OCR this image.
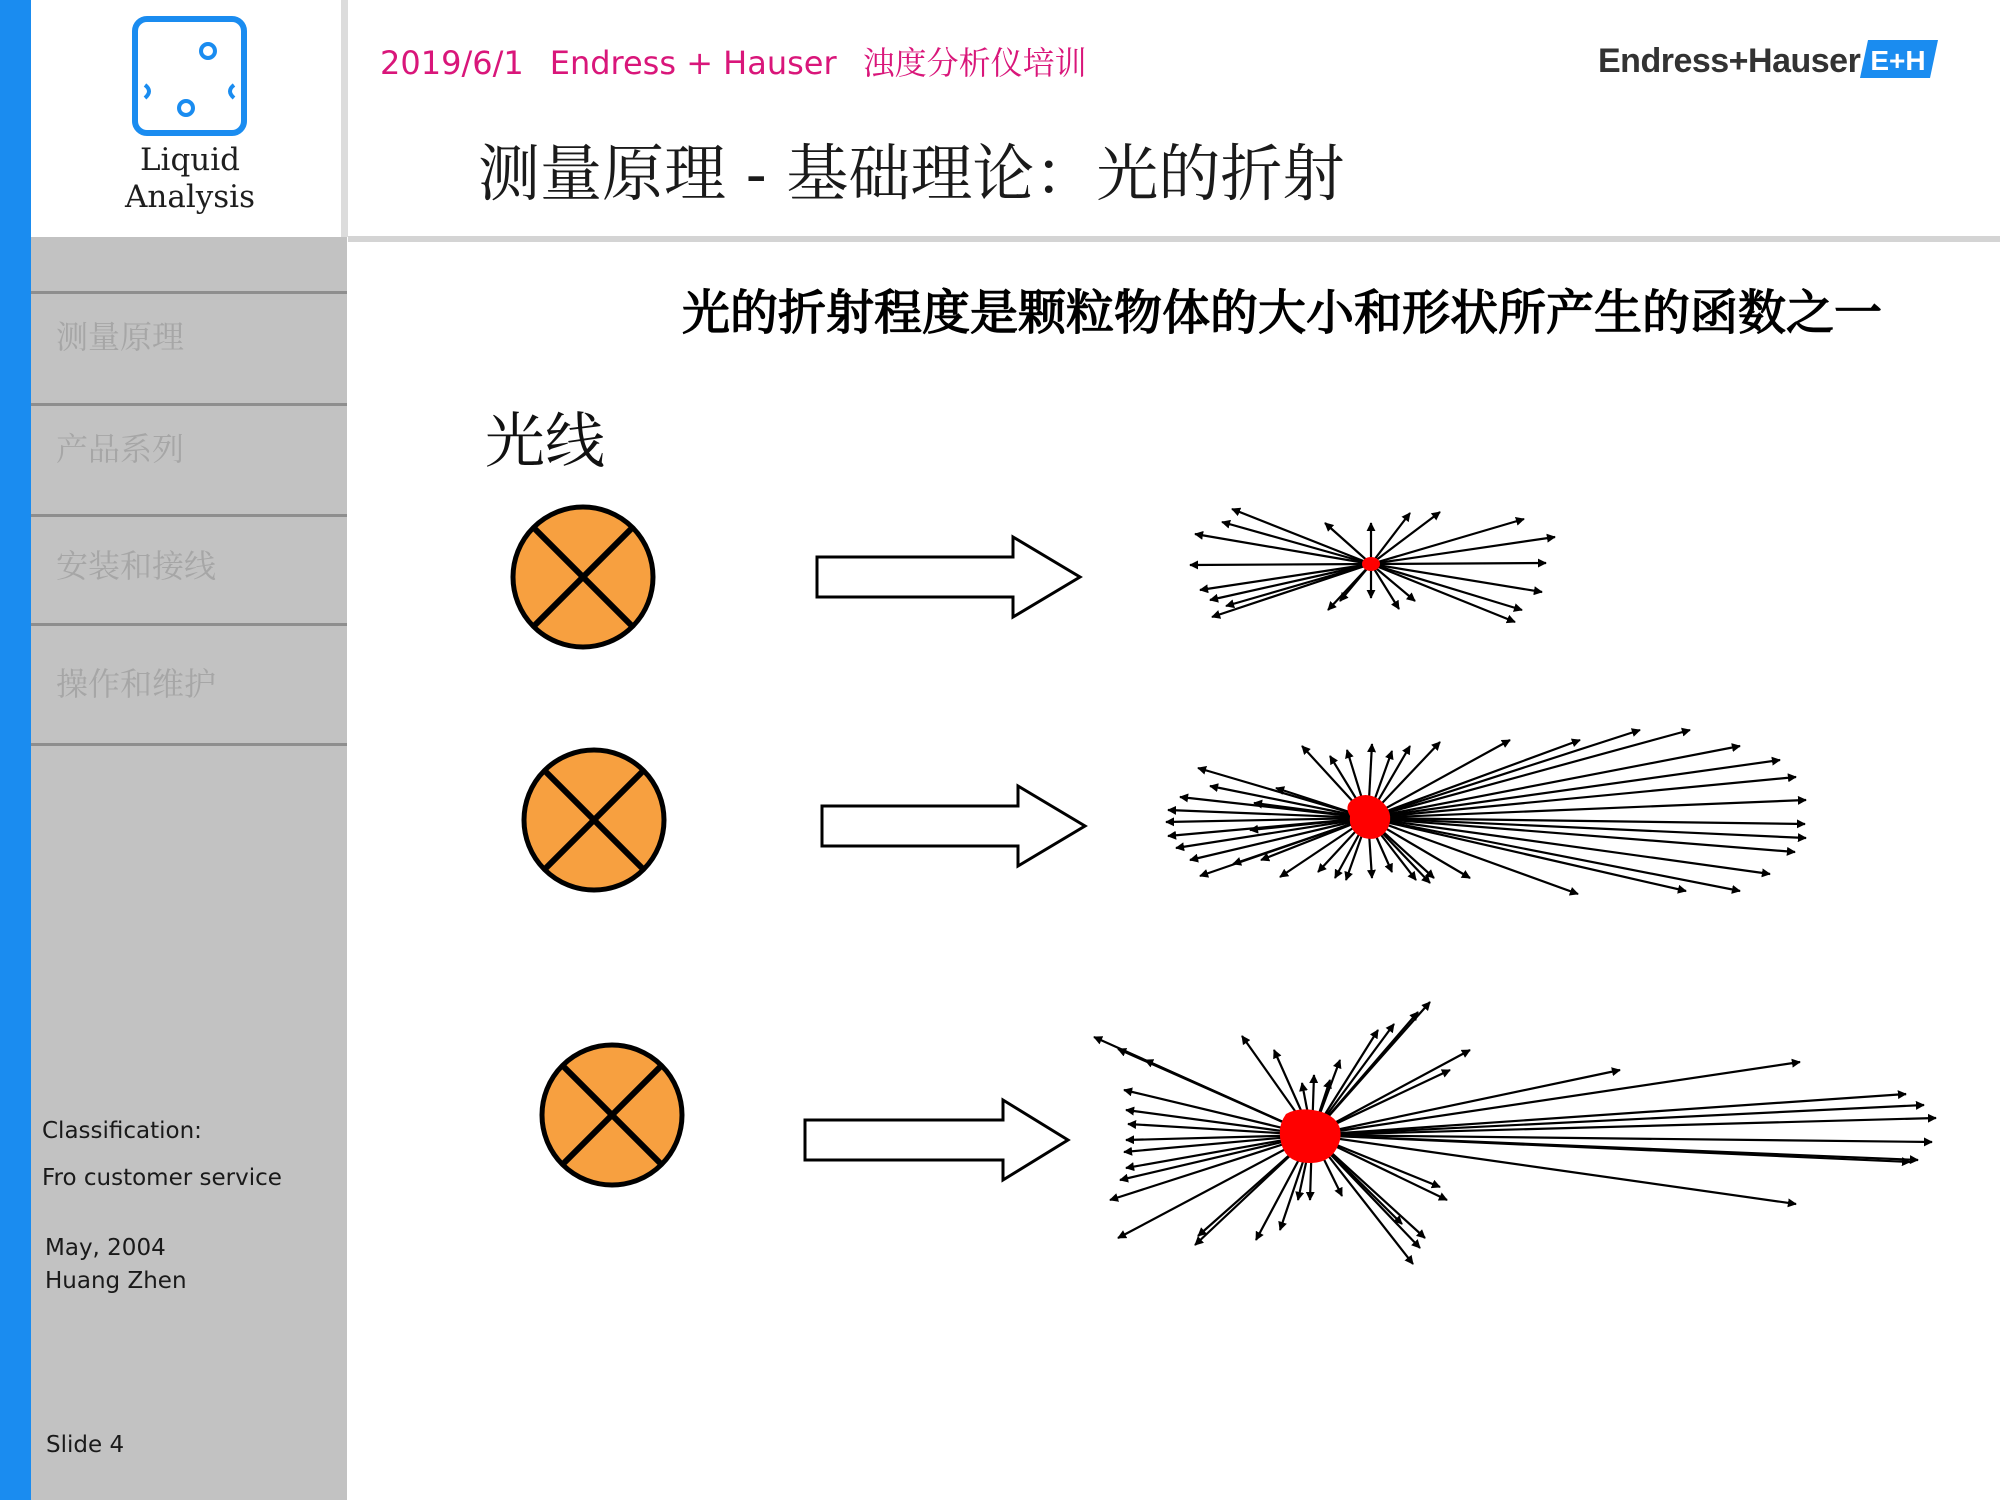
Liquid
Analysis
测量原理
产品系列
安装和接线
操作和维护
Classification:
Fro customer service
May, 2004
Huang Zhen
Slide 4
2019/6/1 Endress + Hauser 浊度分析仪培训	Endress+Hauser E+H
测量原理 - 基础理论：光的折射
光的折射程度是颗粒物体的大小和形状所产生的函数之一
光线
